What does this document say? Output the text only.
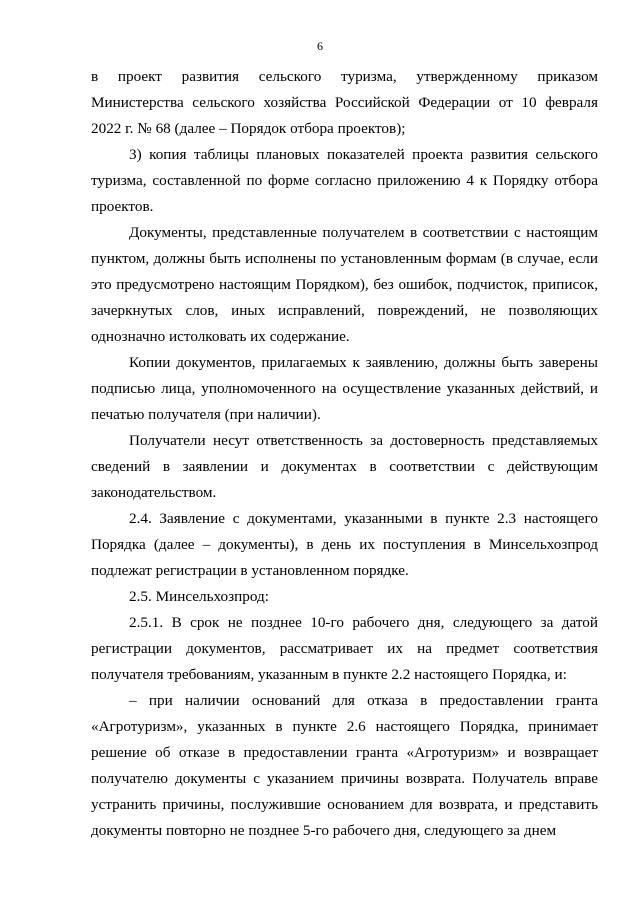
6

в проект развития сельского туризма, утвержденному приказом Министерства сельского хозяйства Российской Федерации от 10 февраля 2022 г. № 68 (далее – Порядок отбора проектов);

3) копия таблицы плановых показателей проекта развития сельского туризма, составленной по форме согласно приложению 4 к Порядку отбора проектов.

Документы, представленные получателем в соответствии с настоящим пунктом, должны быть исполнены по установленным формам (в случае, если это предусмотрено настоящим Порядком), без ошибок, подчисток, приписок, зачеркнутых слов, иных исправлений, повреждений, не позволяющих однозначно истолковать их содержание.

Копии документов, прилагаемых к заявлению, должны быть заверены подписью лица, уполномоченного на осуществление указанных действий, и печатью получателя (при наличии).

Получатели несут ответственность за достоверность представляемых сведений в заявлении и документах в соответствии с действующим законодательством.

2.4. Заявление с документами, указанными в пункте 2.3 настоящего Порядка (далее – документы), в день их поступления в Минсельхозпрод подлежат регистрации в установленном порядке.

2.5. Минсельхозпрод:

2.5.1. В срок не позднее 10-го рабочего дня, следующего за датой регистрации документов, рассматривает их на предмет соответствия получателя требованиям, указанным в пункте 2.2 настоящего Порядка, и:

– при наличии оснований для отказа в предоставлении гранта «Агротуризм», указанных в пункте 2.6 настоящего Порядка, принимает решение об отказе в предоставлении гранта «Агротуризм» и возвращает получателю документы с указанием причины возврата. Получатель вправе устранить причины, послужившие основанием для возврата, и представить документы повторно не позднее 5-го рабочего дня, следующего за днем
